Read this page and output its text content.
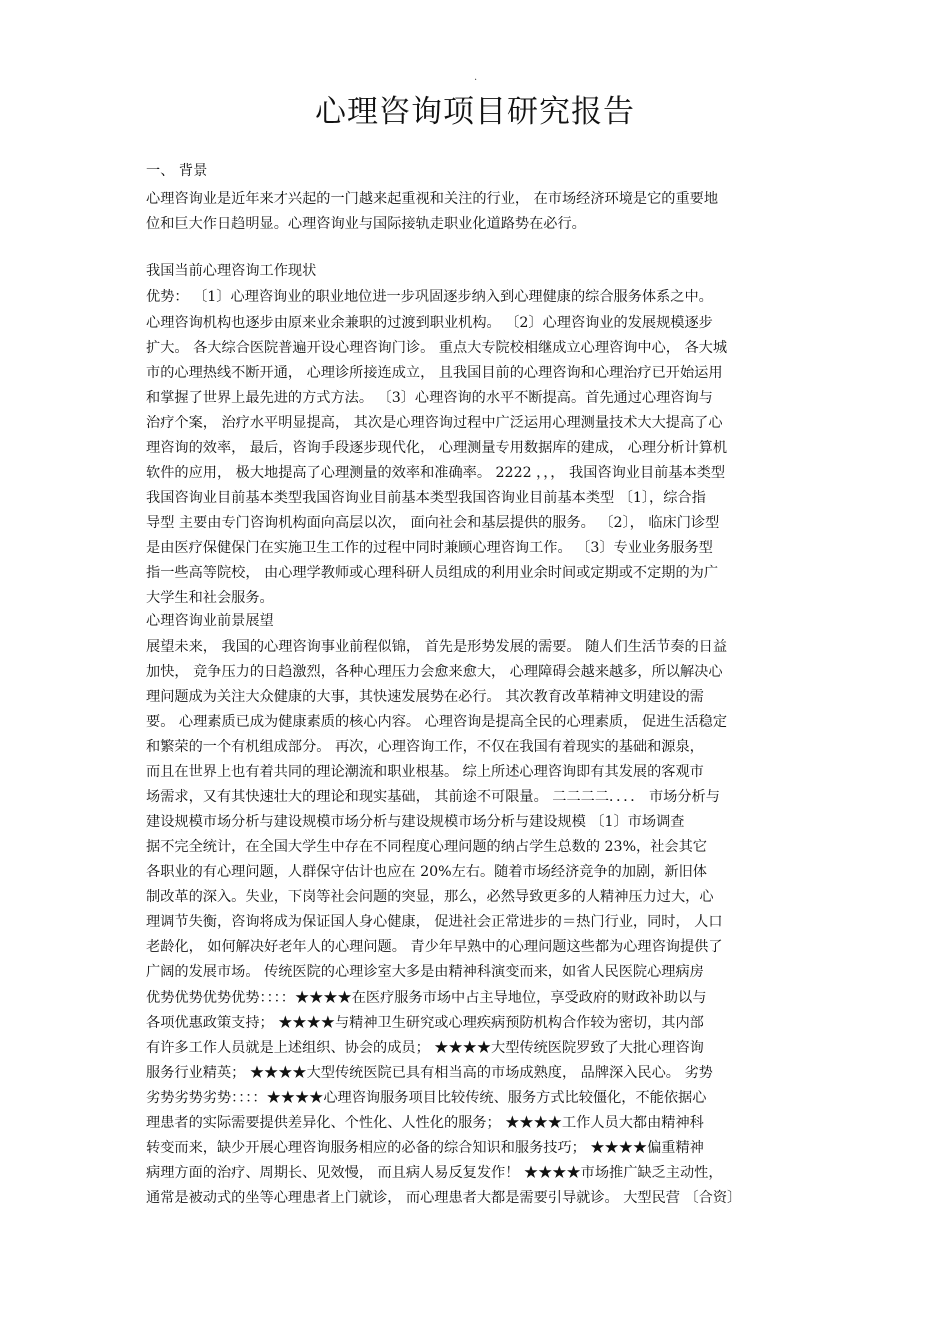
.
心理咨询项目研究报告
一、 背景
心理咨询业是近年来才兴起的一门越来起重视和关注的行业， 在市场经济环境是它的重要地
位和巨大作日趋明显。心理咨询业与国际接轨走职业化道路势在必行。
我国当前心理咨询工作现状
优势： 〔1〕心理咨询业的职业地位进一步巩固逐步纳入到心理健康的综合服务体系之中。
心理咨询机构也逐步由原来业余兼职的过渡到职业机构。 〔2〕心理咨询业的发展规模逐步
扩大。 各大综合医院普遍开设心理咨询门诊。 重点大专院校相继成立心理咨询中心， 各大城
市的心理热线不断开通， 心理诊所接连成立， 且我国目前的心理咨询和心理治疗已开始运用
和掌握了世界上最先进的方式方法。 〔3〕心理咨询的水平不断提高。首先通过心理咨询与
治疗个案， 治疗水平明显提高， 其次是心理咨询过程中广泛运用心理测量技术大大提高了心
理咨询的效率， 最后，咨询手段逐步现代化， 心理测量专用数据库的建成， 心理分析计算机
软件的应用， 极大地提高了心理测量的效率和准确率。 2222 ，，， 我国咨询业目前基本类型
我国咨询业目前基本类型我国咨询业目前基本类型我国咨询业目前基本类型 〔1〕，综合指
导型 主要由专门咨询机构面向高层以次， 面向社会和基层提供的服务。 〔2〕， 临床门诊型
是由医疗保健保门在实施卫生工作的过程中同时兼顾心理咨询工作。 〔3〕专业业务服务型
指一些高等院校， 由心理学教师或心理科研人员组成的利用业余时间或定期或不定期的为广
大学生和社会服务。
心理咨询业前景展望
展望未来， 我国的心理咨询事业前程似锦， 首先是形势发展的需要。 随人们生活节奏的日益
加快， 竞争压力的日趋激烈，各种心理压力会愈来愈大， 心理障碍会越来越多，所以解决心
理问题成为关注大众健康的大事，其快速发展势在必行。 其次教育改革精神文明建设的需
要。 心理素质已成为健康素质的核心内容。 心理咨询是提高全民的心理素质， 促进生活稳定
和繁荣的一个有机组成部分。 再次，心理咨询工作，不仅在我国有着现实的基础和源泉，
而且在世界上也有着共同的理论潮流和职业根基。 综上所述心理咨询即有其发展的客观市
场需求，又有其快速壮大的理论和现实基础， 其前途不可限量。 二二二二．．．． 市场分析与
建设规模市场分析与建设规模市场分析与建设规模市场分析与建设规模 〔1〕市场调查
据不完全统计，在全国大学生中存在不同程度心理问题的纳占学生总数的 23%，社会其它
各职业的有心理问题，人群保守估计也应在 20%左右。随着市场经济竞争的加剧，新旧体
制改革的深入。失业，下岗等社会问题的突显，那么，必然导致更多的人精神压力过大，心
理调节失衡，咨询将成为保证国人身心健康， 促进社会正常进步的＝热门行业，同时， 人口
老龄化， 如何解决好老年人的心理问题。 青少年早熟中的心理问题这些都为心理咨询提供了
广阔的发展市场。 传统医院的心理诊室大多是由精神科演变而来，如省人民医院心理病房
优势优势优势优势：：：：★★★★在医疗服务市场中占主导地位，享受政府的财政补助以与
各项优惠政策支持； ★★★★与精神卫生研究或心理疾病预防机构合作较为密切，其内部
有许多工作人员就是上述组织、协会的成员； ★★★★大型传统医院罗致了大批心理咨询
服务行业精英； ★★★★大型传统医院已具有相当高的市场成熟度， 品牌深入民心。 劣势
劣势劣势劣势：：：：★★★★心理咨询服务项目比较传统、服务方式比较僵化，不能依据心
理患者的实际需要提供差异化、个性化、人性化的服务； ★★★★工作人员大都由精神科
转变而来，缺少开展心理咨询服务相应的必备的综合知识和服务技巧； ★★★★偏重精神
病理方面的治疗、周期长、见效慢， 而且病人易反复发作！ ★★★★市场推广缺乏主动性，
通常是被动式的坐等心理患者上门就诊， 而心理患者大都是需要引导就诊。 大型民营 〔合资〕
